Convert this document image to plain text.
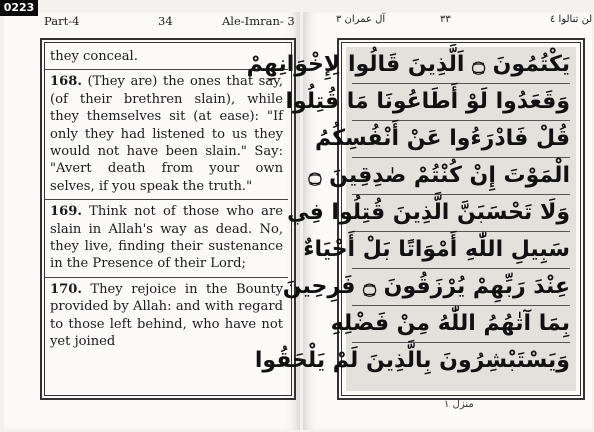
0223
Part-4	34	Ale-Imran- 3	لن تنالوا ٤
٣٣
آل عمران ٣

they conceal.

168. (They are) the ones that say, (of their brethren slain), while they themselves sit (at ease): "If only they had listened to us they would not have been slain." Say: "Avert death from your own selves, if you speak the truth."

169. Think not of those who are slain in Allah's way as dead. No, they live, finding their sustenance in the Presence of their Lord;

170. They rejoice in the Bounty provided by Allah: and with regard to those left behind, who have not yet joined

يَكْتُمُونَ ۝ اَلَّذِينَ قَالُوا لِإِخْوَانِهِمْ
وَقَعَدُوا لَوْ أَطَاعُونَا مَا قُتِلُوا
قُلْ فَادْرَءُوا عَنْ أَنْفُسِكُمُ
الْمَوْتَ إِنْ كُنْتُمْ صٰدِقِينَ ۝
وَلَا تَحْسَبَنَّ الَّذِينَ قُتِلُوا فِي
سَبِيلِ اللّٰهِ أَمْوَاتًا بَلْ أَحْيَاءٌ
عِنْدَ رَبِّهِمْ يُرْزَقُونَ ۝ فَرِحِينَ
بِمَا آتٰهُمُ اللّٰهُ مِنْ فَضْلِهِ
وَيَسْتَبْشِرُونَ بِالَّذِينَ لَمْ يَلْحَقُوا
منزل ١
